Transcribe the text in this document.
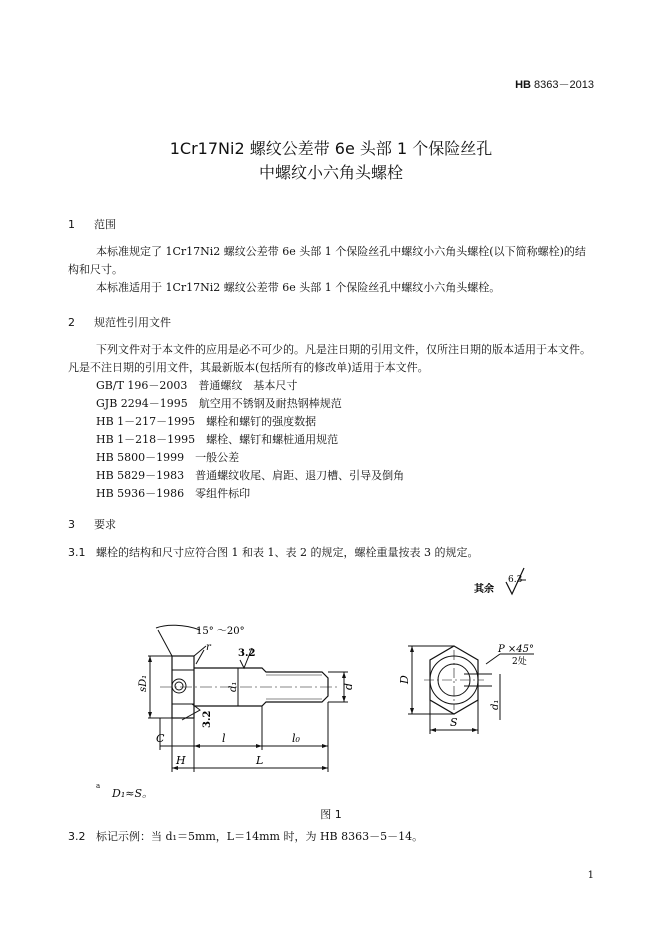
HB 8363－2013
1Cr17Ni2 螺纹公差带 6e 头部 1 个保险丝孔
中螺纹小六角头螺栓
1 范围
本标准规定了 1Cr17Ni2 螺纹公差带 6e 头部 1 个保险丝孔中螺纹小六角头螺栓(以下简称螺栓)的结构和尺寸。
本标准适用于 1Cr17Ni2 螺纹公差带 6e 头部 1 个保险丝孔中螺纹小六角头螺栓。
2 规范性引用文件
下列文件对于本文件的应用是必不可少的。凡是注日期的引用文件，仅所注日期的版本适用于本文件。凡是不注日期的引用文件，其最新版本(包括所有的修改单)适用于本文件。
GB/T 196－2003　普通螺纹　基本尺寸
GJB 2294－1995　航空用不锈钢及耐热钢棒规范
HB 1－217－1995　螺栓和螺钉的强度数据
HB 1－218－1995　螺栓、螺钉和螺桩通用规范
HB 5800－1999　一般公差
HB 5829－1983　普通螺纹收尾、肩距、退刀槽、引导及倒角
HB 5936－1986　零组件标印
3 要求
3.1 螺栓的结构和尺寸应符合图 1 和表 1、表 2 的规定，螺栓重量按表 3 的规定。
其余
6.3
15° ～20°
r
3.2
3.2
sD₁	d₁	d
C	l	l₀
H	L
D
S
P ×45°
2处
d₁
a
D₁≈S。
图 1
3.2 标记示例：当 d₁＝5mm，L＝14mm 时，为 HB 8363－5－14。
1
